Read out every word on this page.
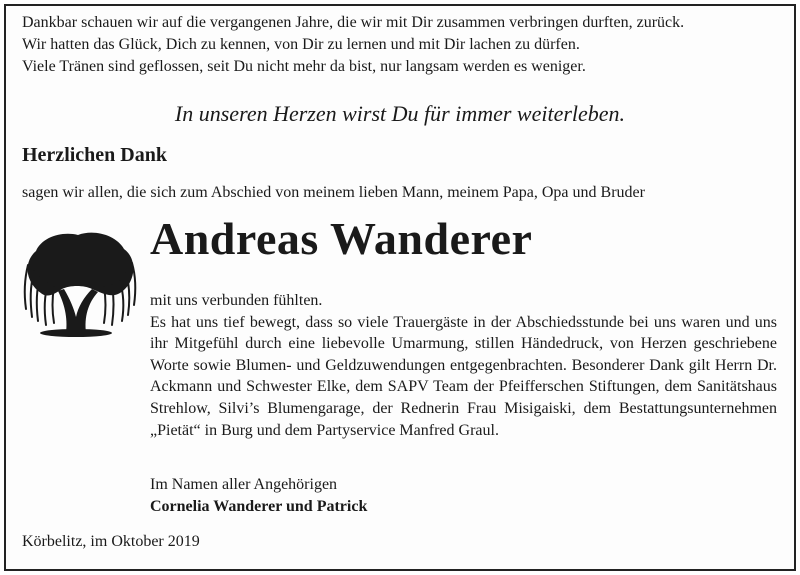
Dankbar schauen wir auf die vergangenen Jahre, die wir mit Dir zusammen verbringen durften, zurück.
Wir hatten das Glück, Dich zu kennen, von Dir zu lernen und mit Dir lachen zu dürfen.
Viele Tränen sind geflossen, seit Du nicht mehr da bist, nur langsam werden es weniger.
In unseren Herzen wirst Du für immer weiterleben.
Herzlichen Dank
sagen wir allen, die sich zum Abschied von meinem lieben Mann, meinem Papa, Opa und Bruder
Andreas Wanderer
mit uns verbunden fühlten.
Es hat uns tief bewegt, dass so viele Trauergäste in der Abschiedsstunde bei uns waren und uns ihr Mitgefühl durch eine liebevolle Umarmung, stillen Händedruck, von Herzen geschriebene Worte sowie Blumen- und Geldzuwendungen entgegenbrachten. Besonderer Dank gilt Herrn Dr. Ackmann und Schwester Elke, dem SAPV Team der Pfeifferschen Stiftungen, dem Sanitätshaus Strehlow, Silvi’s Blumengarage, der Rednerin Frau Misigaiski, dem Bestattungsunternehmen „Pietät“ in Burg und dem Partyservice Manfred Graul.
Im Namen aller Angehörigen
Cornelia Wanderer und Patrick
Körbelitz, im Oktober 2019
